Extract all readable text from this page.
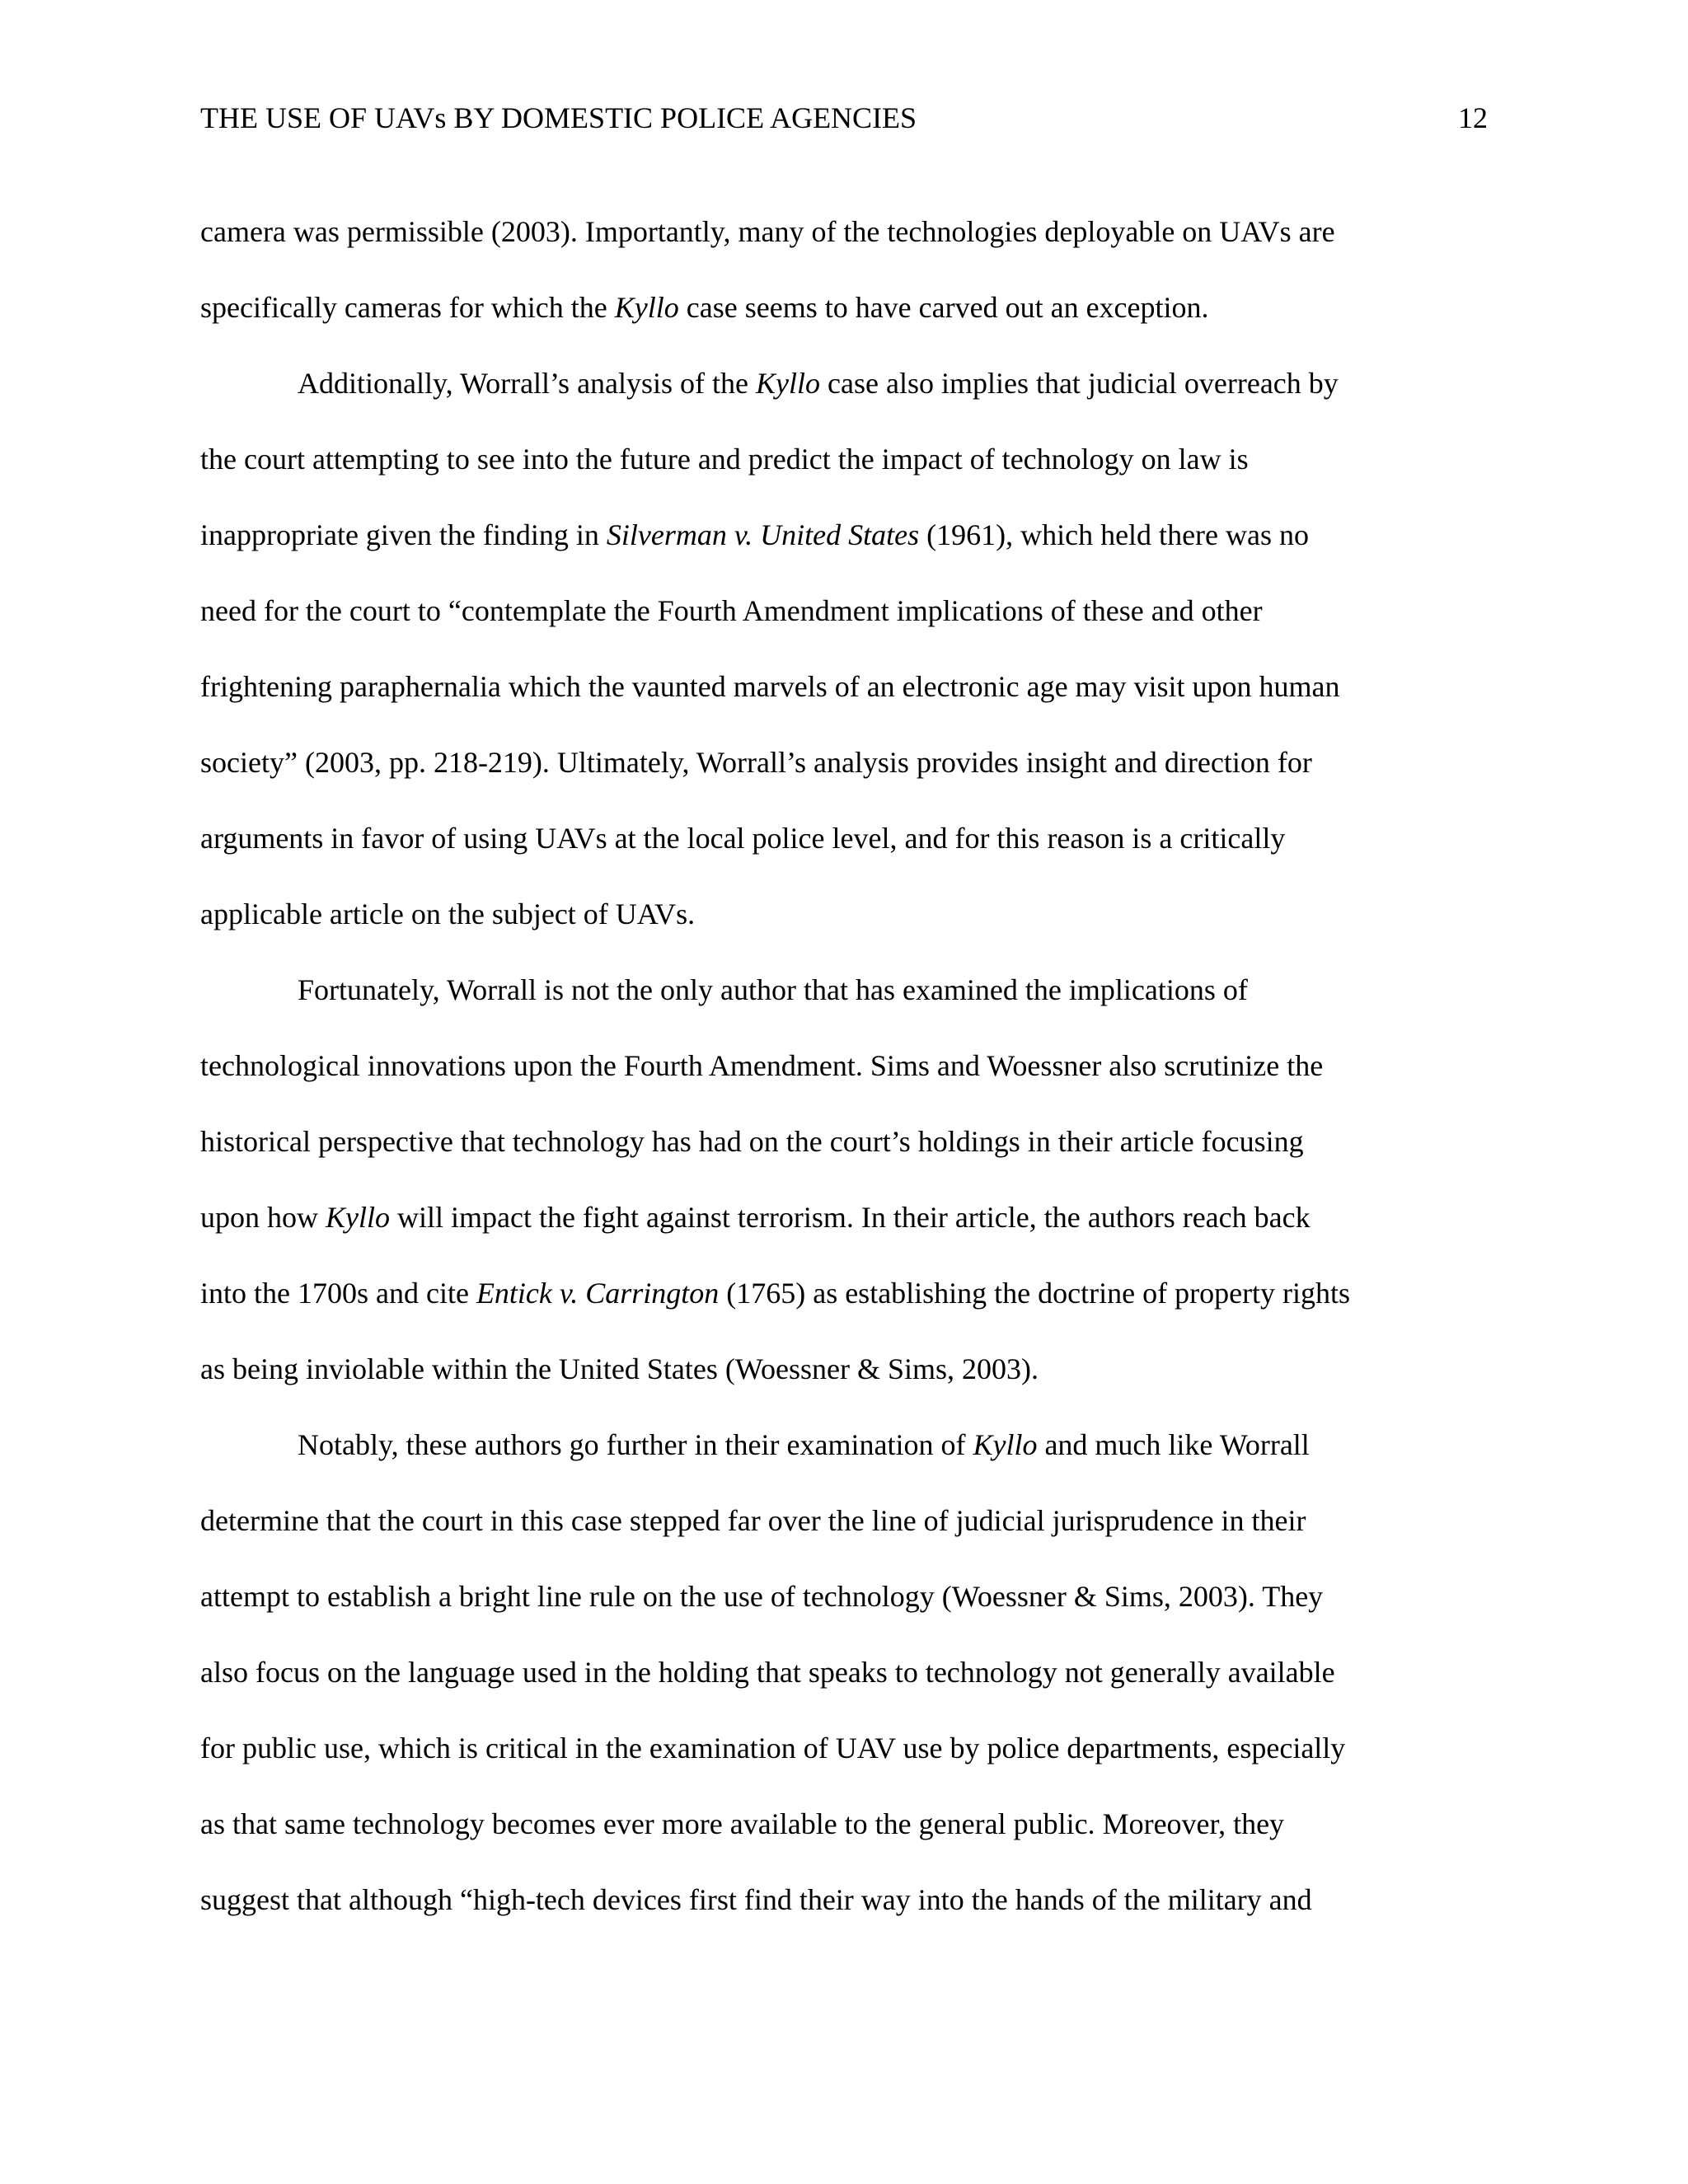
THE USE OF UAVs BY DOMESTIC POLICE AGENCIES	12
camera was permissible (2003). Importantly, many of the technologies deployable on UAVs are
specifically cameras for which the Kyllo case seems to have carved out an exception.
Additionally, Worrall’s analysis of the Kyllo case also implies that judicial overreach by
the court attempting to see into the future and predict the impact of technology on law is
inappropriate given the finding in Silverman v. United States (1961), which held there was no
need for the court to “contemplate the Fourth Amendment implications of these and other
frightening paraphernalia which the vaunted marvels of an electronic age may visit upon human
society” (2003, pp. 218-219). Ultimately, Worrall’s analysis provides insight and direction for
arguments in favor of using UAVs at the local police level, and for this reason is a critically
applicable article on the subject of UAVs.
Fortunately, Worrall is not the only author that has examined the implications of
technological innovations upon the Fourth Amendment. Sims and Woessner also scrutinize the
historical perspective that technology has had on the court’s holdings in their article focusing
upon how Kyllo will impact the fight against terrorism. In their article, the authors reach back
into the 1700s and cite Entick v. Carrington (1765) as establishing the doctrine of property rights
as being inviolable within the United States (Woessner & Sims, 2003).
Notably, these authors go further in their examination of Kyllo and much like Worrall
determine that the court in this case stepped far over the line of judicial jurisprudence in their
attempt to establish a bright line rule on the use of technology (Woessner & Sims, 2003). They
also focus on the language used in the holding that speaks to technology not generally available
for public use, which is critical in the examination of UAV use by police departments, especially
as that same technology becomes ever more available to the general public. Moreover, they
suggest that although “high-tech devices first find their way into the hands of the military and
